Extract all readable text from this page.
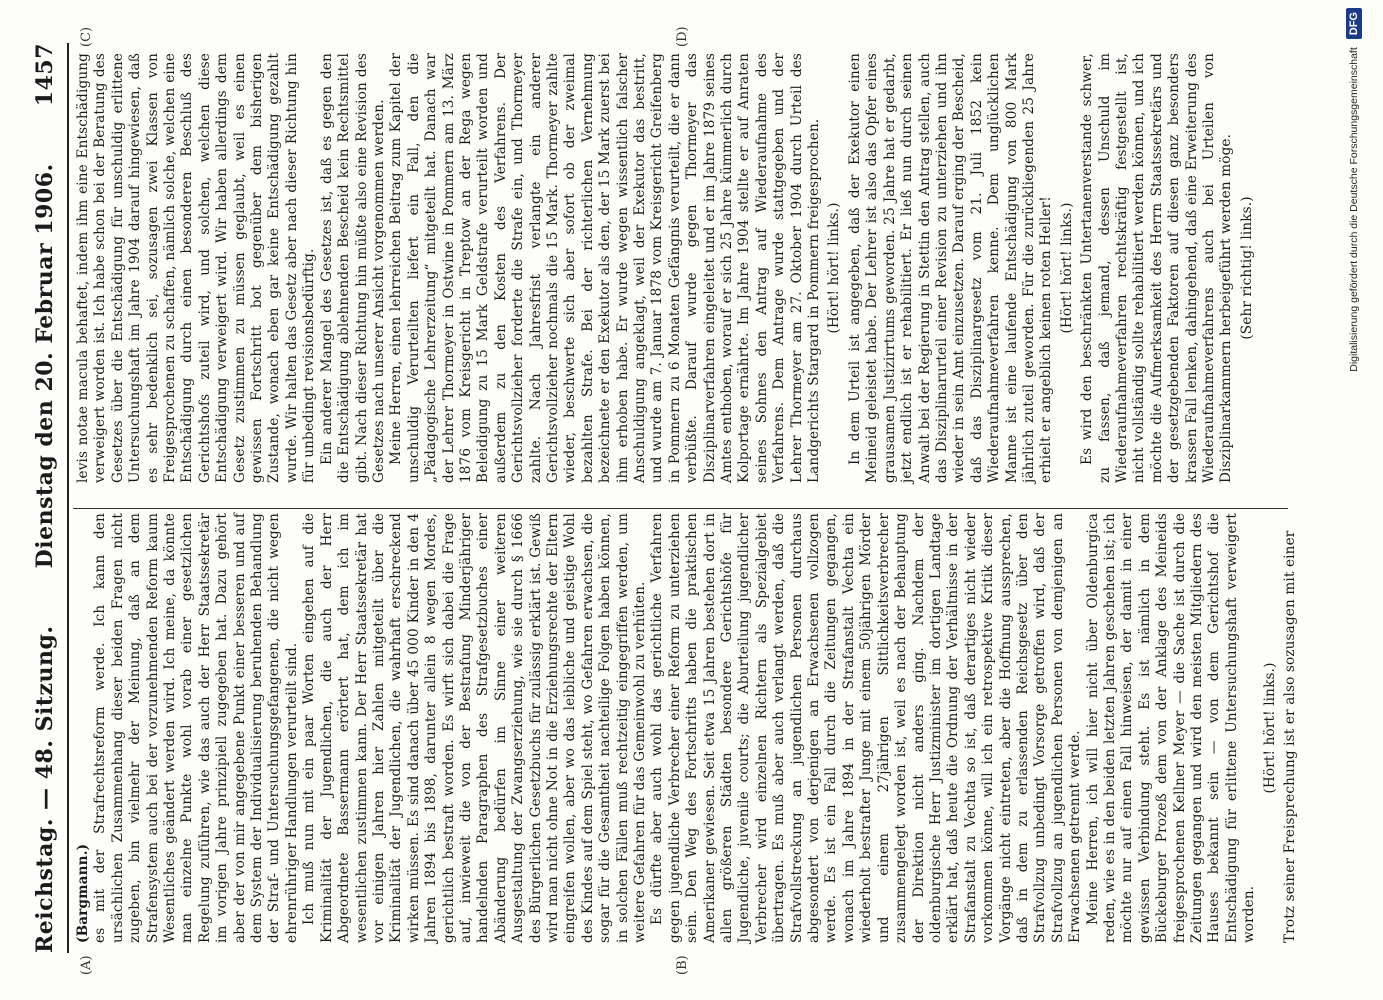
Reichstag. — 48. Sitzung.
Dienstag den 20. Februar 1906.
1457
(A)	(B)
(C)	(D)

(Bargmann.) es mit der Strafrechtsreform werde. Ich kann den ursächlichen Zusammenhang dieser beiden Fragen nicht zugeben, bin vielmehr der Meinung, daß an dem Strafensystem auch bei der vorzunehmenden Reform kaum Wesentliches geändert werden wird. Ich meine, da könnte man einzelne Punkte wohl vorab einer gesetzlichen Regelung zuführen, wie das auch der Herr Staatssekretär im vorigen Jahre prinzipiell zugegeben hat. Dazu gehört aber der von mir angegebene Punkt einer besseren und auf dem System der Individualisierung beruhenden Behandlung der Straf- und Untersuchungsgefangenen, die nicht wegen ehrenrühriger Handlungen verurteilt sind. Ich muß nun mit ein paar Worten eingehen auf die Kriminalität der Jugendlichen, die auch der Herr Abgeordnete Bassermann erörtert hat, dem ich im wesentlichen zustimmen kann. Der Herr Staatssekretär hat vor einigen Jahren hier Zahlen mitgeteilt über die Kriminalität der Jugendlichen, die wahrhaft erschreckend wirken müssen. Es sind danach über 45 000 Kinder in den 4 Jahren 1894 bis 1898, darunter allein 8 wegen Mordes, gerichtlich bestraft worden. Es wirft sich dabei die Frage auf, inwieweit die von der Bestrafung Minderjähriger handelnden Paragraphen des Strafgesetzbuches einer Abänderung bedürfen im Sinne einer weiteren Ausgestaltung der Zwangserziehung, wie sie durch § 1666 des Bürgerlichen Gesetzbuchs für zulässig erklärt ist. Gewiß wird man nicht ohne Not in die Erziehungsrechte der Eltern eingreifen wollen, aber wo das leibliche und geistige Wohl des Kindes auf dem Spiel steht, wo Gefahren erwachsen, die sogar für die Gesamtheit nachteilige Folgen haben können, in solchen Fällen muß rechtzeitig eingegriffen werden, um weitere Gefahren für das Gemeinwohl zu verhüten. Es dürfte aber auch wohl das gerichtliche Verfahren gegen jugendliche Verbrecher einer Reform zu unterziehen sein. Den Weg des Fortschritts haben die praktischen Amerikaner gewiesen. Seit etwa 15 Jahren bestehen dort in allen größeren Städten besondere Gerichtshöfe für Jugendliche, juvenile courts; die Aburteilung jugendlicher Verbrecher wird einzelnen Richtern als Spezialgebiet übertragen. Es muß aber auch verlangt werden, daß die Strafvollstreckung an jugendlichen Personen durchaus abgesondert von derjenigen an Erwachsenen vollzogen werde. Es ist ein Fall durch die Zeitungen gegangen, wonach im Jahre 1894 in der Strafanstalt Vechta ein wiederholt bestrafter Junge mit einem 50jährigen Mörder und einem 27jährigen Sittlichkeitsverbrecher zusammengelegt worden ist, weil es nach der Behauptung der Direktion nicht anders ging. Nachdem der oldenburgische Herr Justizminister im dortigen Landtage erklärt hat, daß heute die Ordnung der Verhältnisse in der Strafanstalt zu Vechta so ist, daß derartiges nicht wieder vorkommen könne, will ich ein retrospektive Kritik dieser Vorgänge nicht eintreten, aber die Hoffnung aussprechen, daß in dem zu erlassenden Reichsgesetz über den Strafvollzug unbedingt Vorsorge getroffen wird, daß der Strafvollzug an jugendlichen Personen von demjenigen an Erwachsenen getrennt werde. Meine Herren, ich will hier nicht über Oldenburgica reden, wie es in den beiden letzten Jahren geschehen ist; ich möchte nur auf einen Fall hinweisen, der damit in einer gewissen Verbindung steht. Es ist nämlich in dem Bückeburger Prozeß dem von der Anklage des Meineids freigesprochenen Kellner Meyer — die Sache ist durch die Zeitungen gegangen und wird den meisten Mitgliedern des Hauses bekannt sein — von dem Gerichtshof die Entschädigung für erlittene Untersuchungshaft verweigert worden.

(Hört! hört! links.) Trotz seiner Freisprechung ist er also sozusagen mit einer

levis notae macula behaftet, indem ihm eine Entschädigung verweigert worden ist. Ich habe schon bei der Beratung des Gesetzes über die Entschädigung für unschuldig erlittene Untersuchungshaft im Jahre 1904 darauf hingewiesen, daß es sehr bedenklich sei, sozusagen zwei Klassen von Freigesprochenen zu schaffen, nämlich solche, welchen eine Entschädigung durch einen besonderen Beschluß des Gerichtshofs zuteil wird, und solchen, welchen diese Entschädigung verweigert wird. Wir haben allerdings dem Gesetz zustimmen zu müssen geglaubt, weil es einen gewissen Fortschritt bot gegenüber dem bisherigen Zustande, wonach eben gar keine Entschädigung gezahlt wurde. Wir halten das Gesetz aber nach dieser Richtung hin für unbedingt revisionsbedürftig. Ein anderer Mangel des Gesetzes ist, daß es gegen den die Entschädigung ablehnenden Bescheid kein Rechtsmittel gibt. Nach dieser Richtung hin müßte also eine Revision des Gesetzes nach unserer Ansicht vorgenommen werden. Meine Herren, einen lehrreichen Beitrag zum Kapitel der unschuldig Verurteilten liefert ein Fall, den die „Pädagogische Lehrerzeitung“ mitgeteilt hat. Danach war der Lehrer Thormeyer in Ostwine in Pommern am 13. März 1876 vom Kreisgericht in Treptow an der Rega wegen Beleidigung zu 15 Mark Geldstrafe verurteilt worden und außerdem zu den Kosten des Verfahrens. Der Gerichtsvollzieher forderte die Strafe ein, und Thormeyer zahlte. Nach Jahresfrist verlangte ein anderer Gerichtsvollzieher nochmals die 15 Mark. Thormeyer zahlte wieder, beschwerte sich aber sofort ob der zweimal bezahlten Strafe. Bei der richterlichen Vernehmung bezeichnete er den Exekutor als den, der 15 Mark zuerst bei ihm erhoben habe. Er wurde wegen wissentlich falscher Anschuldigung angeklagt, weil der Exekutor das bestritt, und wurde am 7. Januar 1878 vom Kreisgericht Greifenberg in Pommern zu 6 Monaten Gefängnis verurteilt, die er dann verbüßte. Darauf wurde gegen Thormeyer das Disziplinarverfahren eingeleitet und er im Jahre 1879 seines Amtes enthoben, worauf er sich 25 Jahre kümmerlich durch Kolportage ernährte. Im Jahre 1904 stellte er auf Anraten seines Sohnes den Antrag auf Wiederaufnahme des Verfahrens. Dem Antrage wurde stattgegeben und der Lehrer Thormeyer am 27. Oktober 1904 durch Urteil des Landgerichts Stargard in Pommern freigesprochen. (Hört! hört! links.) In dem Urteil ist angegeben, daß der Exekutor einen Meineid geleistet habe. Der Lehrer ist also das Opfer eines grausamen Justizirrtums geworden. 25 Jahre hat er gedarbt, jetzt endlich ist er rehabilitiert. Er ließ nun durch seinen Anwalt bei der Regierung in Stettin den Antrag stellen, auch das Disziplinarurteil einer Revision zu unterziehen und ihn wieder in sein Amt einzusetzen. Darauf erging der Bescheid, daß das Disziplinargesetz vom 21. Juli 1852 kein Wiederaufnahmeverfahren kenne. Dem unglücklichen Manne ist eine laufende Entschädigung von 800 Mark jährlich zuteil geworden. Für die zurückliegenden 25 Jahre erhielt er angeblich keinen roten Heller! (Hört! hört! links.) Es wird den beschränkten Untertanenverstande schwer, zu fassen, daß jemand, dessen Unschuld im Wiederaufnahmeverfahren rechtskräftig festgestellt ist, nicht vollständig sollte rehabilitiert werden können, und ich möchte die Aufmerksamkeit des Herrn Staatssekretärs und der gesetzgebenden Faktoren auf diesen ganz besonders krassen Fall lenken, dahingehend, daß eine Erweiterung des Wiederaufnahmeverfahrens auch bei Urteilen von Disziplinarkammern herbeigeführt werden möge. (Sehr richtig! links.)	Digitalisierung gefördert durch die Deutsche Forschungsgemeinschaft
DFG
